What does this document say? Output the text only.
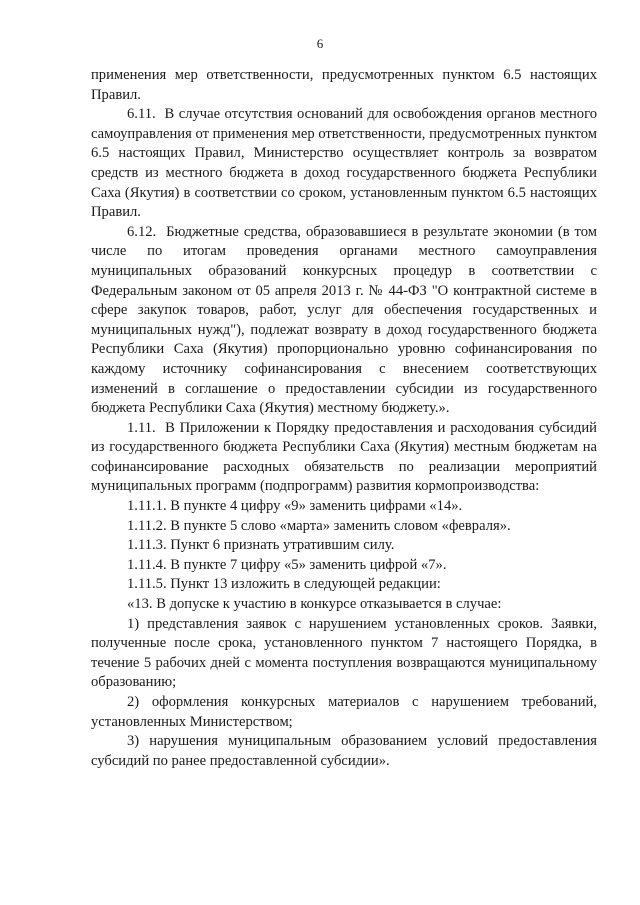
6

применения мер ответственности, предусмотренных пунктом 6.5 настоящих Правил.

6.11.  В случае отсутствия оснований для освобождения органов местного самоуправления от применения мер ответственности, предусмотренных пунктом 6.5 настоящих Правил, Министерство осуществляет контроль за возвратом средств из местного бюджета в доход государственного бюджета Республики Саха (Якутия) в соответствии со сроком, установленным пунктом 6.5 настоящих Правил.

6.12.  Бюджетные средства, образовавшиеся в результате экономии (в том числе по итогам проведения органами местного самоуправления муниципальных образований конкурсных процедур в соответствии с Федеральным законом от 05 апреля 2013 г. № 44-ФЗ "О контрактной системе в сфере закупок товаров, работ, услуг для обеспечения государственных и муниципальных нужд"), подлежат возврату в доход государственного бюджета Республики Саха (Якутия) пропорционально уровню софинансирования по каждому источнику софинансирования с внесением соответствующих изменений в соглашение о предоставлении субсидии из государственного бюджета Республики Саха (Якутия) местному бюджету.».

1.11.  В Приложении к Порядку предоставления и расходования субсидий из государственного бюджета Республики Саха (Якутия) местным бюджетам на софинансирование расходных обязательств по реализации мероприятий муниципальных программ (подпрограмм) развития кормопроизводства:

1.11.1. В пункте 4 цифру «9» заменить цифрами «14».

1.11.2. В пункте 5 слово «марта» заменить словом «февраля».

1.11.3. Пункт 6 признать утратившим силу.

1.11.4. В пункте 7 цифру «5» заменить цифрой «7».

1.11.5. Пункт 13 изложить в следующей редакции:

«13. В допуске к участию в конкурсе отказывается в случае:

1) представления заявок с нарушением установленных сроков. Заявки, полученные после срока, установленного пунктом 7 настоящего Порядка, в течение 5 рабочих дней с момента поступления возвращаются муниципальному образованию;

2) оформления конкурсных материалов с нарушением требований, установленных Министерством;

3) нарушения муниципальным образованием условий предоставления субсидий по ранее предоставленной субсидии».
